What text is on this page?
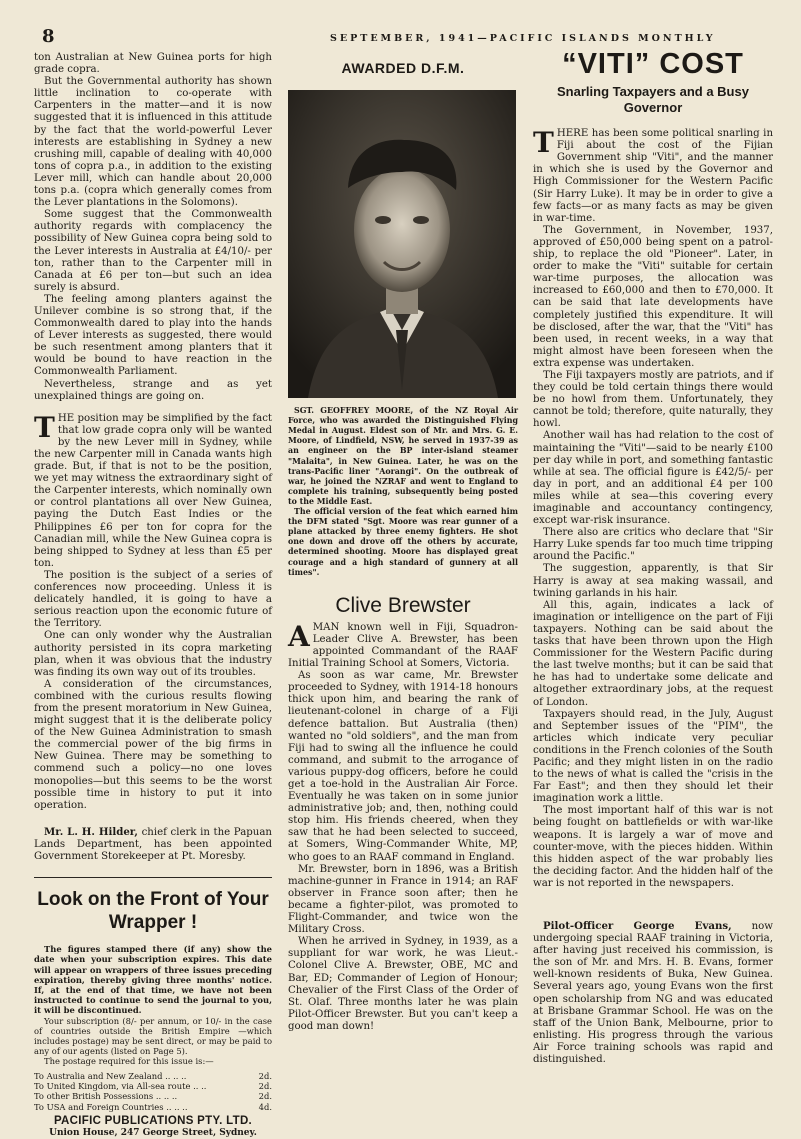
8	SEPTEMBER, 1941—PACIFIC ISLANDS MONTHLY

ton Australian at New Guinea ports for high grade copra.

But the Governmental authority has shown little inclination to co-operate with Carpenters in the matter—and it is now suggested that it is influenced in this attitude by the fact that the world-powerful Lever interests are establishing in Sydney a new crushing mill, capable of dealing with 40,000 tons of copra p.a., in addition to the existing Lever mill, which can handle about 20,000 tons p.a. (copra which generally comes from the Lever plantations in the Solomons).

Some suggest that the Commonwealth authority regards with complacency the possibility of New Guinea copra being sold to the Lever interests in Australia at £4/10/- per ton, rather than to the Carpenter mill in Canada at £6 per ton—but such an idea surely is absurd.

The feeling among planters against the Unilever combine is so strong that, if the Commonwealth dared to play into the hands of Lever interests as suggested, there would be such resentment among planters that it would be bound to have reaction in the Commonwealth Parliament.

Nevertheless, strange and as yet unexplained things are going on.

THE position may be simplified by the fact that low grade copra only will be wanted by the new Lever mill in Sydney, while the new Carpenter mill in Canada wants high grade. But, if that is not to be the position, we yet may witness the extraordinary sight of the Carpenter interests, which nominally own or control plantations all over New Guinea, paying the Dutch East Indies or the Philippines £6 per ton for copra for the Canadian mill, while the New Guinea copra is being shipped to Sydney at less than £5 per ton.

The position is the subject of a series of conferences now proceeding. Unless it is delicately handled, it is going to have a serious reaction upon the economic future of the Territory.

One can only wonder why the Australian authority persisted in its copra marketing plan, when it was obvious that the industry was finding its own way out of its troubles.

A consideration of the circumstances, combined with the curious results flowing from the present moratorium in New Guinea, might suggest that it is the deliberate policy of the New Guinea Administration to smash the commercial power of the big firms in New Guinea. There may be something to commend such a policy—no one loves monopolies—but this seems to be the worst possible time in history to put it into operation.

Mr. L. H. Hilder, chief clerk in the Papuan Lands Department, has been appointed Government Storekeeper at Pt. Moresby.

Look on the Front of Your Wrapper !

The figures stamped there (if any) show the date when your subscription expires. This date will appear on wrappers of three issues preceding expiration, thereby giving three months' notice. If, at the end of that time, we have not been instructed to continue to send the journal to you, it will be discontinued.

Your subscription (8/- per annum, or 10/- in the case of countries outside the British Empire —which includes postage) may be sent direct, or may be paid to any of our agents (listed on Page 5).

The postage required for this issue is:—

To Australia and New Zealand .. .. ..	2d.
To United Kingdom, via All-sea route .. ..	2d.
To other British Possessions .. .. ..	2d.
To USA and Foreign Countries .. .. ..	4d.
PACIFIC PUBLICATIONS PTY. LTD.
Union House, 247 George Street, Sydney.
AWARDED D.F.M.

SGT. GEOFFREY MOORE, of the NZ Royal Air Force, who was awarded the Distinguished Flying Medal in August. Eldest son of Mr. and Mrs. G. E. Moore, of Lindfield, NSW, he served in 1937-39 as an engineer on the BP inter-island steamer "Malaita", in New Guinea. Later, he was on the trans-Pacific liner "Aorangi". On the outbreak of war, he joined the NZRAF and went to England to complete his training, subsequently being posted to the Middle East.

The official version of the feat which earned him the DFM stated "Sgt. Moore was rear gunner of a plane attacked by three enemy fighters. He shot one down and drove off the others by accurate, determined shooting. Moore has displayed great courage and a high standard of gunnery at all times".

Clive Brewster

AMAN known well in Fiji, Squadron-Leader Clive A. Brewster, has been appointed Commandant of the RAAF Initial Training School at Somers, Victoria.

As soon as war came, Mr. Brewster proceeded to Sydney, with 1914-18 honours thick upon him, and bearing the rank of lieutenant-colonel in charge of a Fiji defence battalion. But Australia (then) wanted no "old soldiers", and the man from Fiji had to swing all the influence he could command, and submit to the arrogance of various puppy-dog officers, before he could get a toe-hold in the Australian Air Force. Eventually he was taken on in some junior administrative job; and, then, nothing could stop him. His friends cheered, when they saw that he had been selected to succeed, at Somers, Wing-Commander White, MP, who goes to an RAAF command in England.

Mr. Brewster, born in 1896, was a British machine-gunner in France in 1914; an RAF observer in France soon after; then he became a fighter-pilot, was promoted to Flight-Commander, and twice won the Military Cross.

When he arrived in Sydney, in 1939, as a suppliant for war work, he was Lieut.-Colonel Clive A. Brewster, OBE, MC and Bar, ED; Commander of Legion of Honour; Chevalier of the First Class of the Order of St. Olaf. Three months later he was plain Pilot-Officer Brewster. But you can't keep a good man down!

“VITI” COST
Snarling Taxpayers and a Busy Governor

THERE has been some political snarling in Fiji about the cost of the Fijian Government ship "Viti", and the manner in which she is used by the Governor and High Commissioner for the Western Pacific (Sir Harry Luke). It may be in order to give a few facts—or as many facts as may be given in war-time.

The Government, in November, 1937, approved of £50,000 being spent on a patrol-ship, to replace the old "Pioneer". Later, in order to make the "Viti" suitable for certain war-time purposes, the allocation was increased to £60,000 and then to £70,000. It can be said that late developments have completely justified this expenditure. It will be disclosed, after the war, that the "Viti" has been used, in recent weeks, in a way that might almost have been foreseen when the extra expense was undertaken.

The Fiji taxpayers mostly are patriots, and if they could be told certain things there would be no howl from them. Unfortunately, they cannot be told; therefore, quite naturally, they howl.

Another wail has had relation to the cost of maintaining the "Viti"—said to be nearly £100 per day while in port, and something fantastic while at sea. The official figure is £42/5/- per day in port, and an additional £4 per 100 miles while at sea—this covering every imaginable and accountancy contingency, except war-risk insurance.

There also are critics who declare that "Sir Harry Luke spends far too much time tripping around the Pacific."

The suggestion, apparently, is that Sir Harry is away at sea making wassail, and twining garlands in his hair.

All this, again, indicates a lack of imagination or intelligence on the part of Fiji taxpayers. Nothing can be said about the tasks that have been thrown upon the High Commissioner for the Western Pacific during the last twelve months; but it can be said that he has had to undertake some delicate and altogether extraordinary jobs, at the request of London.

Taxpayers should read, in the July, August and September issues of the "PIM", the articles which indicate very peculiar conditions in the French colonies of the South Pacific; and they might listen in on the radio to the news of what is called the "crisis in the Far East"; and then they should let their imagination work a little.

The most important half of this war is not being fought on battlefields or with war-like weapons. It is largely a war of move and counter-move, with the pieces hidden. Within this hidden aspect of the war probably lies the deciding factor. And the hidden half of the war is not reported in the newspapers.

Pilot-Officer George Evans, now undergoing special RAAF training in Victoria, after having just received his commission, is the son of Mr. and Mrs. H. B. Evans, former well-known residents of Buka, New Guinea. Several years ago, young Evans won the first open scholarship from NG and was educated at Brisbane Grammar School. He was on the staff of the Union Bank, Melbourne, prior to enlisting. His progress through the various Air Force training schools was rapid and distinguished.
